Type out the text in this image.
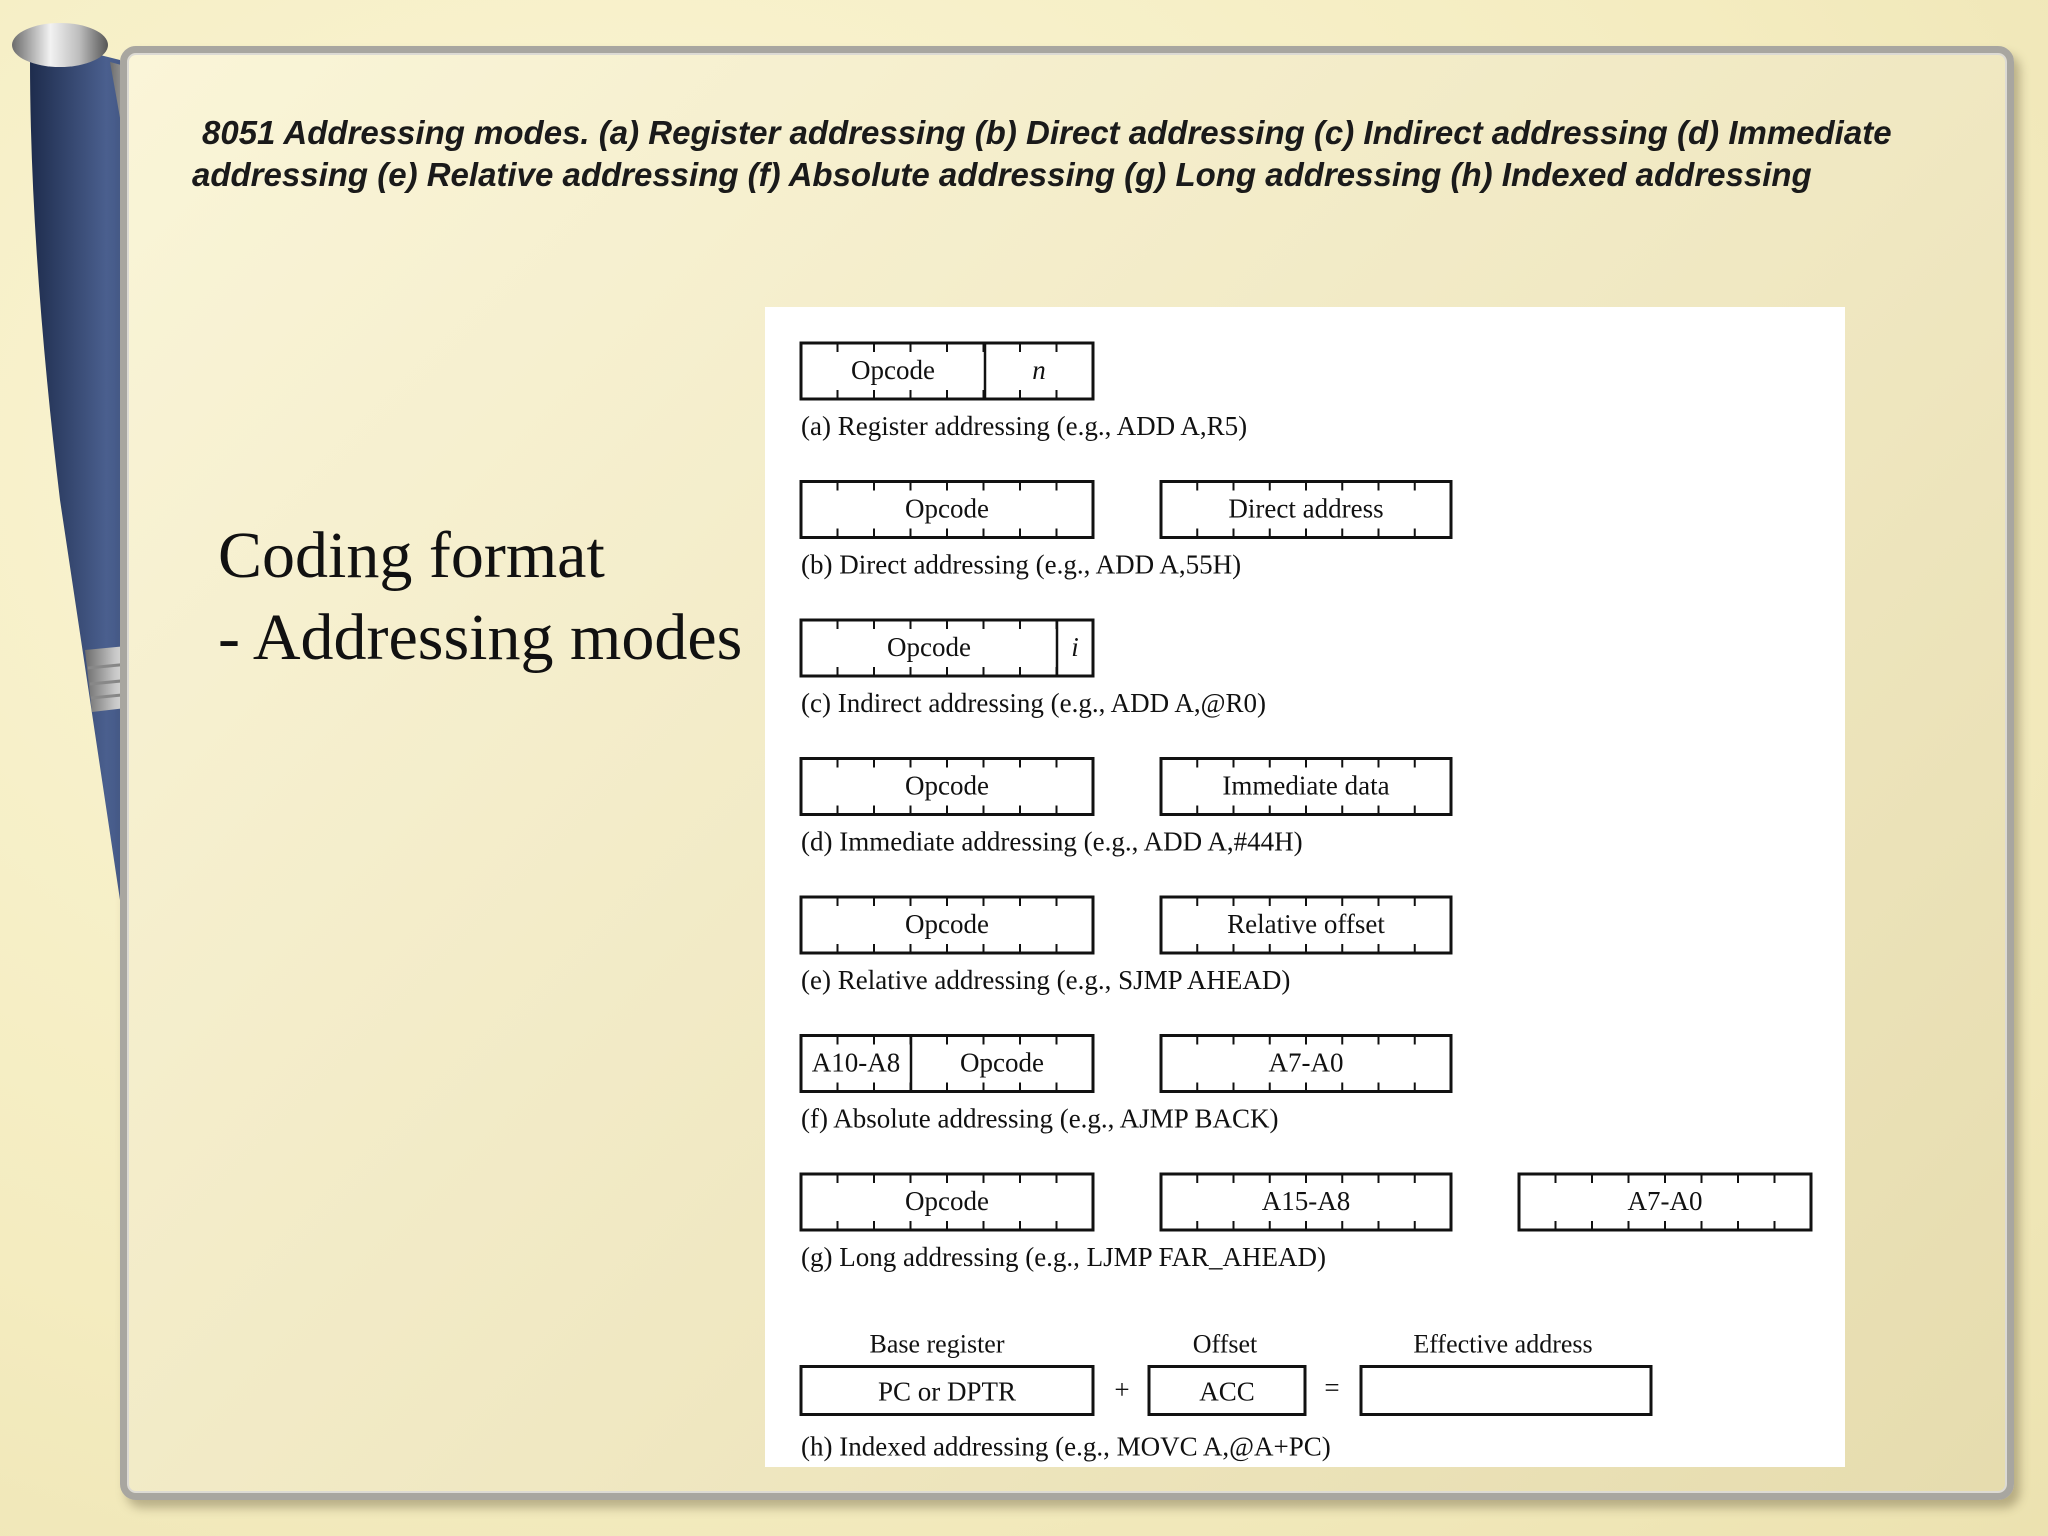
8051 Addressing modes. (a) Register addressing (b) Direct addressing (c) Indirect addressing (d) Immediate
addressing (e) Relative addressing (f) Absolute addressing (g) Long addressing (h) Indexed addressing
Coding format
- Addressing modes
Opcode	n
(a) Register addressing (e.g., ADD A,R5)
Opcode	Direct address
(b) Direct addressing (e.g., ADD A,55H)
Opcode	i
(c) Indirect addressing (e.g., ADD A,@R0)
Opcode	Immediate data
(d) Immediate addressing (e.g., ADD A,#44H)
Opcode	Relative offset
(e) Relative addressing (e.g., SJMP AHEAD)
A10-A8 Opcode	A7-A0
(f) Absolute addressing (e.g., AJMP BACK)
Opcode	A15-A8	A7-A0
(g) Long addressing (e.g., LJMP FAR_AHEAD)
Base register	Offset	Effective address
PC or DPTR	+	ACC	=
(h) Indexed addressing (e.g., MOVC A,@A+PC)
